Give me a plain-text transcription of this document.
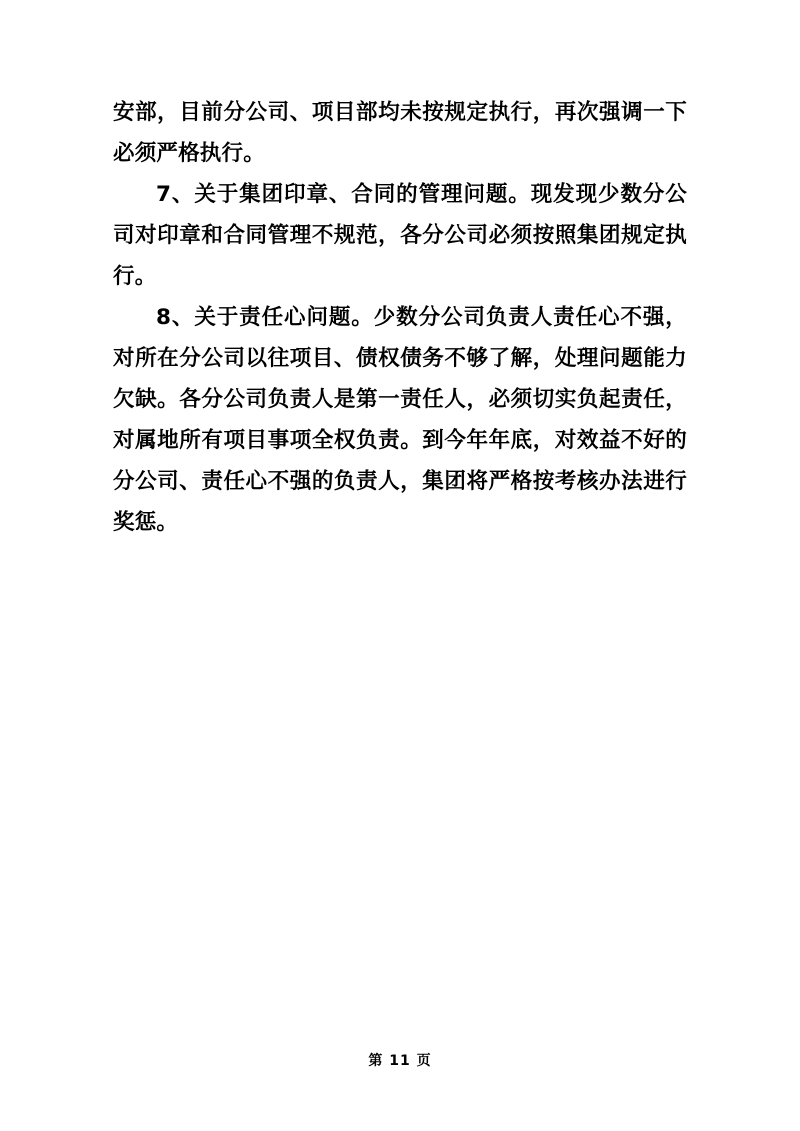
安部，目前分公司、项目部均未按规定执行，再次强调一下必须严格执行。

7、关于集团印章、合同的管理问题。现发现少数分公司对印章和合同管理不规范，各分公司必须按照集团规定执行。

8、关于责任心问题。少数分公司负责人责任心不强，对所在分公司以往项目、债权债务不够了解，处理问题能力欠缺。各分公司负责人是第一责任人，必须切实负起责任，对属地所有项目事项全权负责。到今年年底，对效益不好的分公司、责任心不强的负责人，集团将严格按考核办法进行奖惩。

第 11 页
